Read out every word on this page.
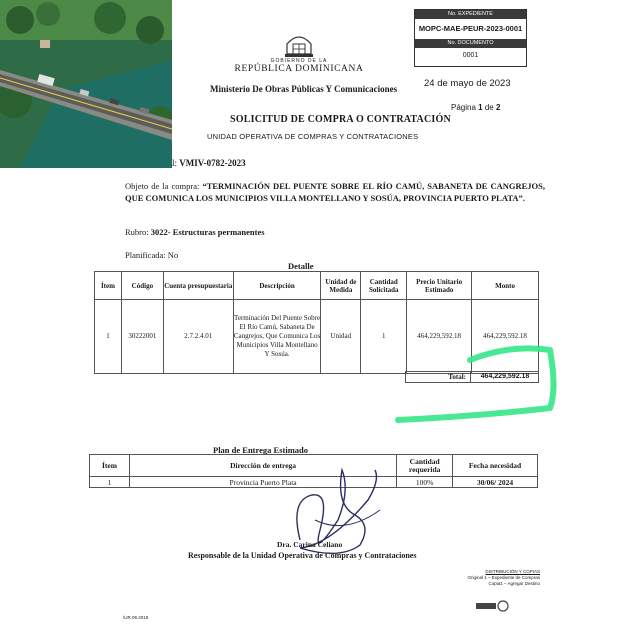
GOBIERNO DE LA
REPÚBLICA DOMINICANA
Ministerio De Obras Públicas Y Comunicaciones
SOLICITUD DE COMPRA O CONTRATACIÓN
UNIDAD OPERATIVA DE COMPRAS Y CONTRATACIONES
No. EXPEDIENTE
MOPC-MAE-PEUR-2023-0001
No. DOCUMENTO
0001
24 de mayo de 2023
Página 1 de 2
l: VMIV-0782-2023
Objeto de la compra: “TERMINACIÓN DEL PUENTE SOBRE EL RÍO CAMÚ, SABANETA DE CANGREJOS, QUE COMUNICA LOS MUNICIPIOS VILLA MONTELLANO Y SOSÚA, PROVINCIA PUERTO PLATA”.
Rubro: 3022- Estructuras permanentes
Planificada: No
Detalle
Ítem	Código	Cuenta presupuestaria	Descripción	Unidad de Medida	Cantidad Solicitada	Precio Unitario Estimado	Monto
1	30222001	2.7.2.4.01	Terminación Del Puente Sobre El Río Camú, Sabaneta De Cangrejos, Que Comunica Los Municipios Villa Montellano Y Sosúa.	Unidad	1	464,229,592.18	464,229,592.18
Total:	464,229,592.18
Plan de Entrega Estimado
Ítem	Dirección de entrega	Cantidad requerida	Fecha necesidad
1	Provincia Puerto Plata	100%	30/06/ 2024
Dra. Carina Celiano
Responsable de la Unidad Operativa de Compras y Contrataciones
DISTRIBUCIÓN Y COPIAS
Original 1 – Expediente de Compras
Copia1 – Agregar Destino
/UR.09.2019
